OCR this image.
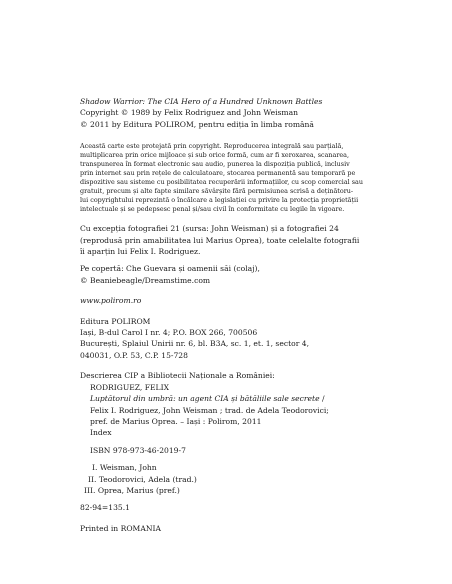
Shadow Warrior: The CIA Hero of a Hundred Unknown Battles
Copyright © 1989 by Felix Rodriguez and John Weisman
© 2011 by Editura POLIROM, pentru ediția în limba română
Această carte este protejată prin copyright. Reproducerea integrală sau parțială,
multiplicarea prin orice mijloace și sub orice formă, cum ar fi xeroxarea, scanarea,
transpunerea în format electronic sau audio, punerea la dispoziția publică, inclusiv
prin internet sau prin rețele de calculatoare, stocarea permanentă sau temporară pe
dispozitive sau sisteme cu posibilitatea recuperării informațiilor, cu scop comercial sau
gratuit, precum și alte fapte similare săvârșite fără permisiunea scrisă a deținătoru-
lui copyrightului reprezintă o încălcare a legislației cu privire la protecția proprietății
intelectuale și se pedepsesc penal și/sau civil în conformitate cu legile în vigoare.
Cu excepția fotografiei 21 (sursa: John Weisman) și a fotografiei 24
(reprodusă prin amabilitatea lui Marius Oprea), toate celelalte fotografii
îi aparțin lui Felix I. Rodriguez.
Pe copertă: Che Guevara și oamenii săi (colaj),
© Beaniebeagle/Dreamstime.com
www.polirom.ro
Editura POLIROM
Iași, B-dul Carol I nr. 4; P.O. BOX 266, 700506
București, Splaiul Unirii nr. 6, bl. B3A, sc. 1, et. 1, sector 4,
040031, O.P. 53, C.P. 15-728
Descrierea CIP a Bibliotecii Naționale a României:
RODRIGUEZ, FELIX
Luptătorul din umbră: un agent CIA și bătăliile sale secrete /
Felix I. Rodriguez, John Weisman ; trad. de Adela Teodorovici;
pref. de Marius Oprea. – Iași : Polirom, 2011
Index
ISBN 978-973-46-2019-7
I. Weisman, John
II. Teodorovici, Adela (trad.)
III. Oprea, Marius (pref.)
82-94=135.1
Printed in ROMANIA
